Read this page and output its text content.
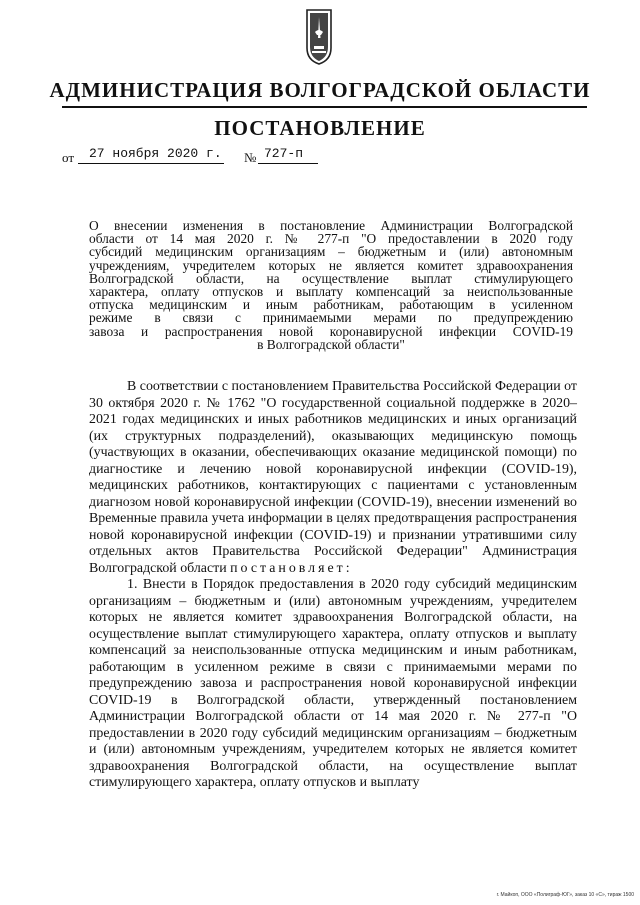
АДМИНИСТРАЦИЯ ВОЛГОГРАДСКОЙ ОБЛАСТИ
ПОСТАНОВЛЕНИЕ
от 27 ноября 2020 г. № 727-п
О внесении изменения в постановление Администрации Волгоградской
области от 14 мая 2020 г. № 277-п "О предоставлении в 2020 году
субсидий медицинским организациям – бюджетным и (или) автономным
учреждениям, учредителем которых не является комитет здравоохранения
Волгоградской области, на осуществление выплат стимулирующего
характера, оплату отпусков и выплату компенсаций за неиспользованные
отпуска медицинским и иным работникам, работающим в усиленном
режиме в связи с принимаемыми мерами по предупреждению
завоза и распространения новой коронавирусной инфекции COVID-19
в Волгоградской области"

В соответствии с постановлением Правительства Российской Федерации от 30 октября 2020 г. № 1762 "О государственной социальной поддержке в 2020–2021 годах медицинских и иных работников медицинских и иных организаций (их структурных подразделений), оказывающих медицинскую помощь (участвующих в оказании, обеспечивающих оказание медицинской помощи) по диагностике и лечению новой коронавирусной инфекции (COVID-19), медицинских работников, контактирующих с пациентами с установленным диагнозом новой коронавирусной инфекции (COVID-19), внесении изменений во Временные правила учета информации в целях предотвращения распространения новой коронавирусной инфекции (COVID-19) и признании утратившими силу отдельных актов Правительства Российской Федерации" Администрация Волгоградской области постановляет:

1. Внести в Порядок предоставления в 2020 году субсидий медицинским организациям – бюджетным и (или) автономным учреждениям, учредителем которых не является комитет здравоохранения Волгоградской области, на осуществление выплат стимулирующего характера, оплату отпусков и выплату компенсаций за неиспользованные отпуска медицинским и иным работникам, работающим в усиленном режиме в связи с принимаемыми мерами по предупреждению завоза и распространения новой коронавирусной инфекции COVID-19 в Волгоградской области, утвержденный постановлением Администрации Волгоградской области от 14 мая 2020 г. № 277-п "О предоставлении в 2020 году субсидий медицинским организациям – бюджетным и (или) автономным учреждениям, учредителем которых не является комитет здравоохранения Волгоградской области, на осуществление выплат стимулирующего характера, оплату отпусков и выплату

г. Майкоп, ООО «Полиграф-ЮГ», заказ 10 «С», тираж 1500
